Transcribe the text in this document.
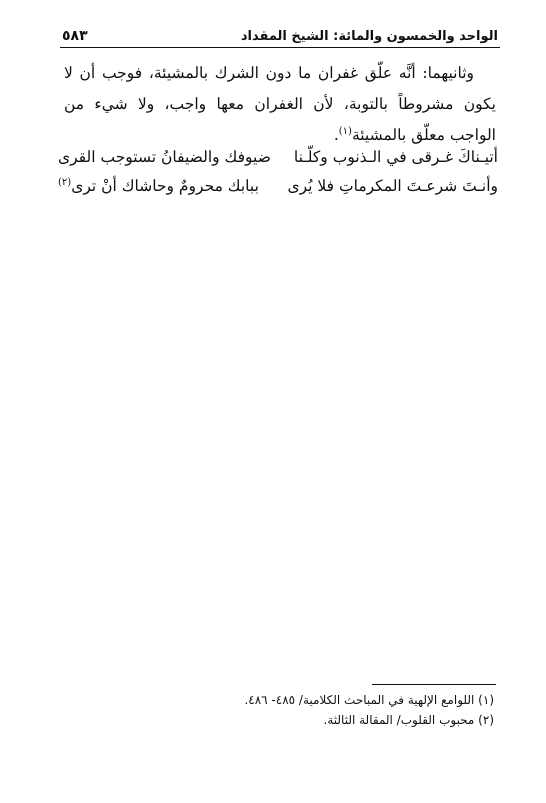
الواحد والخمسون والمائة: الشيخ المقداد
٥٨٣

وثانيهما: أنَّه علّق غفران ما دون الشرك بالمشيئة، فوجب أن لا يكون مشروطاً بالتوبة، لأن الغفران معها واجب، ولا شيء من الواجب معلّق بالمشيئة$^{(١)}$.

أتيـناكَ غـرقى في الـذنوب وكلّـنا
ضيوفك والضيفانُ تستوجب القرى
وأنـتَ شرعـتَ المكرماتِ فلا يُرى
ببابك محرومٌ وحاشاك أنْ ترى$^{(٢)}$

(١) اللوامع الإلهية في المباحث الكلامية/ ٤٨٥- ٤٨٦.

(٢) محبوب القلوب/ المقالة الثالثة.
